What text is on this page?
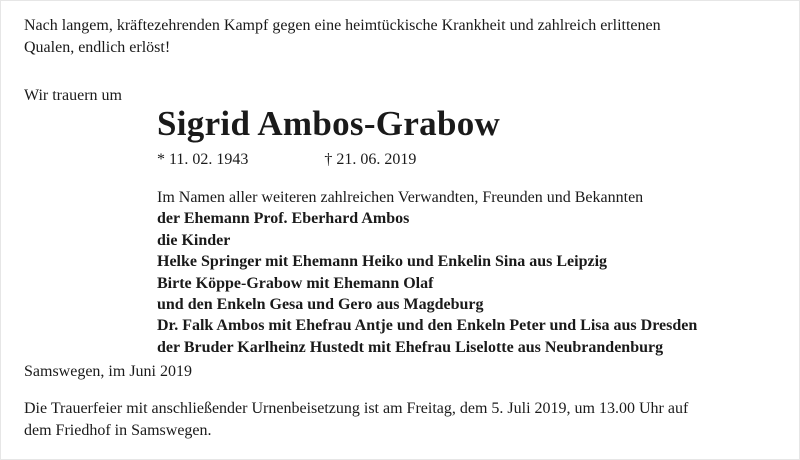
Nach langem, kräftezehrenden Kampf gegen eine heimtückische Krankheit und zahlreich erlittenen
Qualen, endlich erlöst!
Wir trauern um
Sigrid Ambos-Grabow
* 11. 02. 1943	† 21. 06. 2019
Im Namen aller weiteren zahlreichen Verwandten, Freunden und Bekannten
der Ehemann Prof. Eberhard Ambos
die Kinder
Helke Springer mit Ehemann Heiko und Enkelin Sina aus Leipzig
Birte Köppe-Grabow mit Ehemann Olaf
und den Enkeln Gesa und Gero aus Magdeburg
Dr. Falk Ambos mit Ehefrau Antje und den Enkeln Peter und Lisa aus Dresden
der Bruder Karlheinz Hustedt mit Ehefrau Liselotte aus Neubrandenburg
Samswegen, im Juni 2019
Die Trauerfeier mit anschließender Urnenbeisetzung ist am Freitag, dem 5. Juli 2019, um 13.00 Uhr auf
dem Friedhof in Samswegen.
